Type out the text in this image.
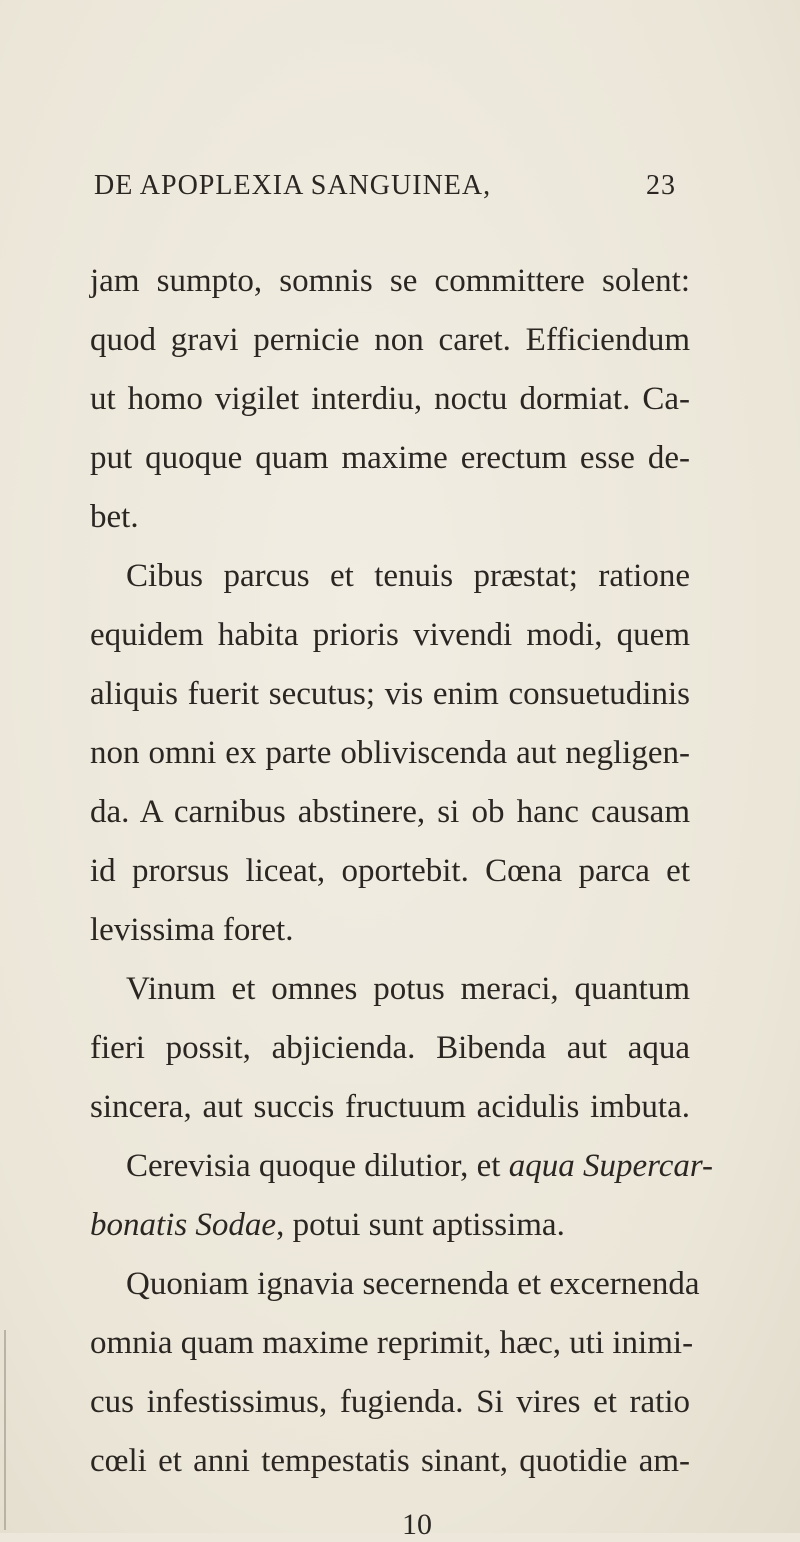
DE APOPLEXIA SANGUINEA,	23
jam sumpto, somnis se committere solent:
quod gravi pernicie non caret. Efficiendum
ut homo vigilet interdiu, noctu dormiat. Ca-
put quoque quam maxime erectum esse de-
bet.
Cibus parcus et tenuis præstat; ratione
equidem habita prioris vivendi modi, quem
aliquis fuerit secutus; vis enim consuetudinis
non omni ex parte obliviscenda aut negligen-
da. A carnibus abstinere, si ob hanc causam
id prorsus liceat, oportebit. Cœna parca et
levissima foret.
Vinum et omnes potus meraci, quantum
fieri possit, abjicienda. Bibenda aut aqua
sincera, aut succis fructuum acidulis imbuta.
Cerevisia quoque dilutior, et aqua Supercar-
bonatis Sodae, potui sunt aptissima.
Quoniam ignavia secernenda et excernenda
omnia quam maxime reprimit, hæc, uti inimi-
cus infestissimus, fugienda. Si vires et ratio
cœli et anni tempestatis sinant, quotidie am-
10
